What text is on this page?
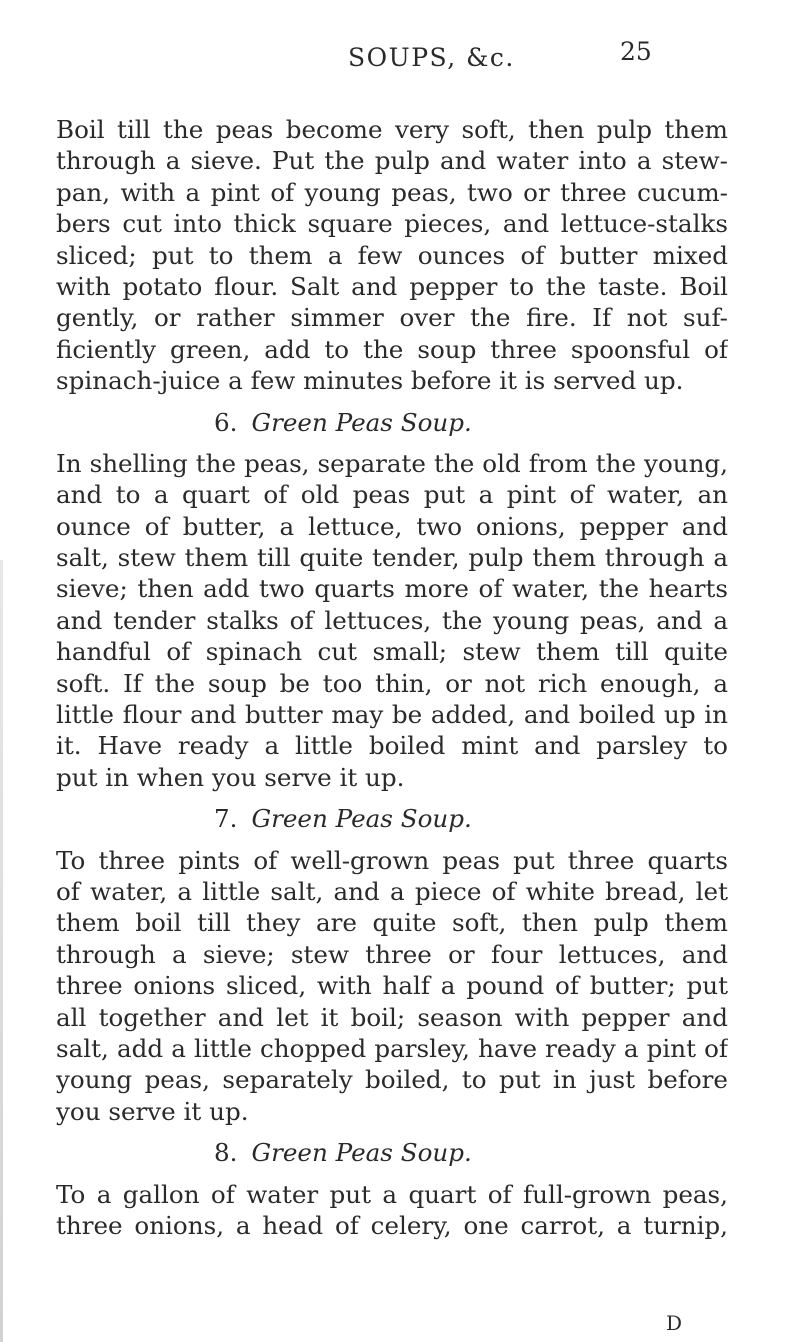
SOUPS, &c.	25
Boil till the peas become very soft, then pulp them
through a sieve. Put the pulp and water into a stew-
pan, with a pint of young peas, two or three cucum-
bers cut into thick square pieces, and lettuce-stalks
sliced; put to them a few ounces of butter mixed
with potato flour. Salt and pepper to the taste. Boil
gently, or rather simmer over the fire. If not suf-
ficiently green, add to the soup three spoonsful of
spinach-juice a few minutes before it is served up.
6. Green Peas Soup.
In shelling the peas, separate the old from the young,
and to a quart of old peas put a pint of water, an
ounce of butter, a lettuce, two onions, pepper and
salt, stew them till quite tender, pulp them through a
sieve; then add two quarts more of water, the hearts
and tender stalks of lettuces, the young peas, and a
handful of spinach cut small; stew them till quite
soft. If the soup be too thin, or not rich enough, a
little flour and butter may be added, and boiled up in
it. Have ready a little boiled mint and parsley to
put in when you serve it up.
7. Green Peas Soup.
To three pints of well-grown peas put three quarts
of water, a little salt, and a piece of white bread, let
them boil till they are quite soft, then pulp them
through a sieve; stew three or four lettuces, and
three onions sliced, with half a pound of butter; put
all together and let it boil; season with pepper and
salt, add a little chopped parsley, have ready a pint of
young peas, separately boiled, to put in just before
you serve it up.
8. Green Peas Soup.
To a gallon of water put a quart of full-grown peas,
three onions, a head of celery, one carrot, a turnip,
D
